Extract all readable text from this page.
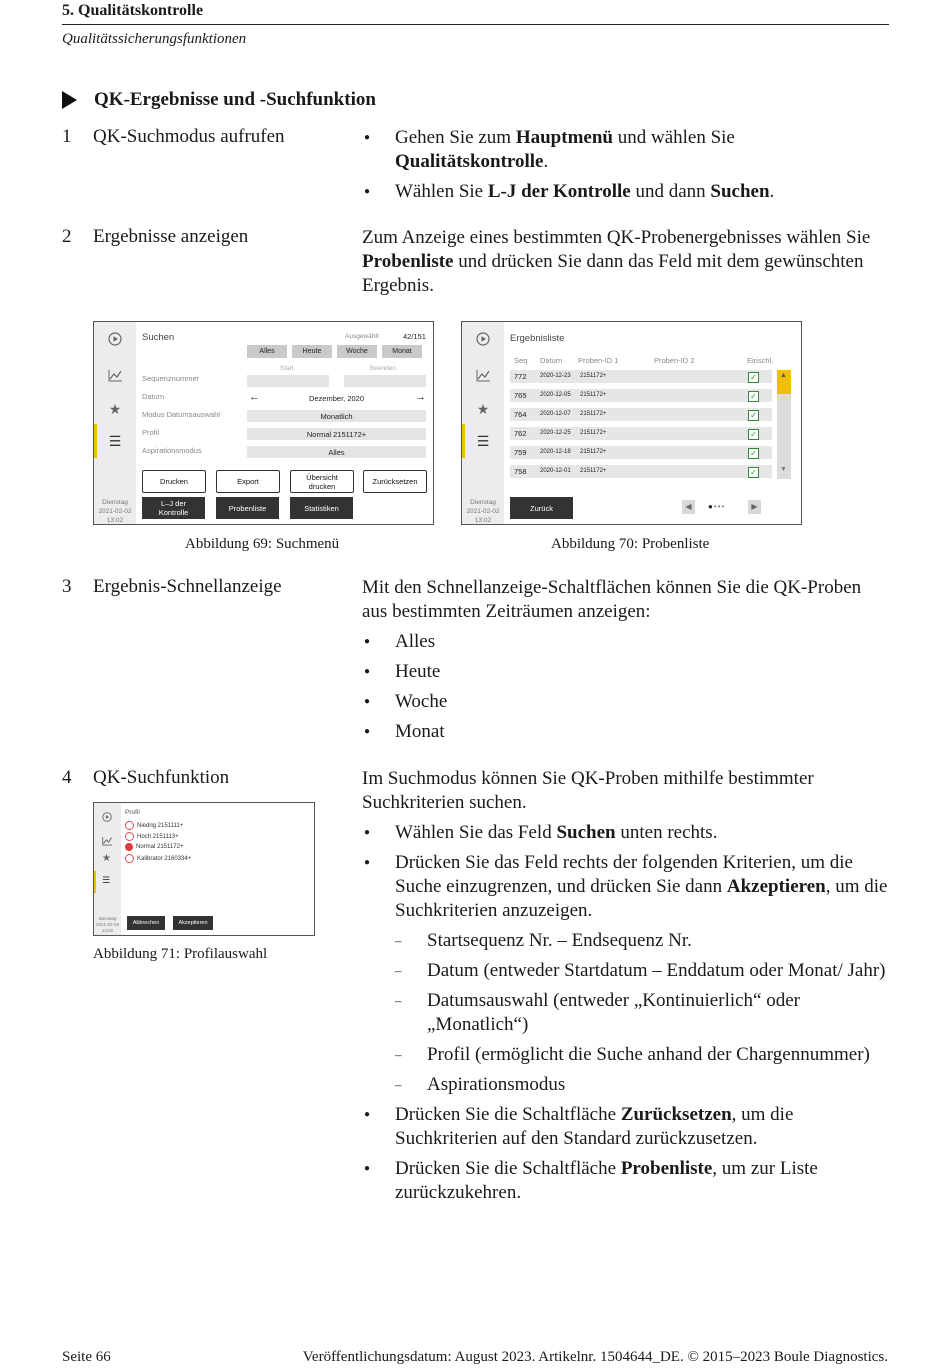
5. Qualitätskontrolle
Qualitätssicherungsfunktionen
QK-Ergebnisse und -Suchfunktion
1 QK-Suchmodus aufrufen
●	Gehen Sie zum Hauptmenü und wählen Sie Qualitätskontrolle.
● Wählen Sie L-J der Kontrolle und dann Suchen.
2 Ergebnisse anzeigen	Zum Anzeige eines bestimmten QK-Probenergebnisses wählen Sie Probenliste und drücken Sie dann das Feld mit dem gewünschten Ergebnis.
★
☰
Dienstag
2021-02-02
13:02
Suchen	Ausgewählt	42/151
Alles	Heute	Woche	Monat
Start	Beenden
Sequenznummer
Datum	←	→
Dezember, 2020
Modus Datumsauswahl	Monatlich
Profil	Normal 2151172+
Aspirationsmodus	Alles
Drucken	Export	Übersicht
drucken	Zurücksetzen
L–J der
Kontrolle	Probenliste	Statistiken
Abbildung 69: Suchmenü
★
☰
Dienstag
2021-02-02
13:02
Ergebnisliste
Seq Datum Proben-ID 1	Proben-ID 2	Einschl.
772 2020-12-23 2151172+
765 2020-12-05 2151172+
764 2020-12-07 2151172+
762 2020-12-25 2151172+
759 2020-12-18 2151172+
758 2020-12-01 2151172+
✓
✓
✓
✓
✓
✓
▲
▼
Zurück	◀	●•••	▶
Abbildung 70: Probenliste
3 Ergebnis-Schnellanzeige	Mit den Schnellanzeige-Schaltflächen können Sie die QK-Proben aus bestimmten Zeiträumen anzeigen:
● Alles
● Heute
● Woche
● Monat
4 QK-Suchfunktion
★
☰
Dienstag
2021-02-02
13:02
Profil
Niedrig 2151111+
Hoch 2151113+
Normal 2151172+
Kalibrator 2160334+
Abbrechen	Akzeptieren
Abbildung 71: Profilauswahl
Im Suchmodus können Sie QK-Proben mithilfe bestimmter Suchkriterien suchen.
● Wählen Sie das Feld Suchen unten rechts.
● Drücken Sie das Feld rechts der folgenden Kriterien, um die Suche einzugrenzen, und drücken Sie dann Akzeptieren, um die Suchkriterien anzuzeigen.
– Startsequenz Nr. – Endsequenz Nr.
– Datum (entweder Startdatum – Enddatum oder Monat/ Jahr)
– Datumsauswahl (entweder „Kontinuierlich“ oder „Monatlich“)
– Profil (ermöglicht die Suche anhand der Chargennummer)
– Aspirationsmodus
● Drücken Sie die Schaltfläche Zurücksetzen, um die Suchkriterien auf den Standard zurückzusetzen.
● Drücken Sie die Schaltfläche Probenliste, um zur Liste zurückzukehren.
Seite 66	Veröffentlichungsdatum: August 2023. Artikelnr. 1504644_DE. © 2015–2023 Boule Diagnostics.
